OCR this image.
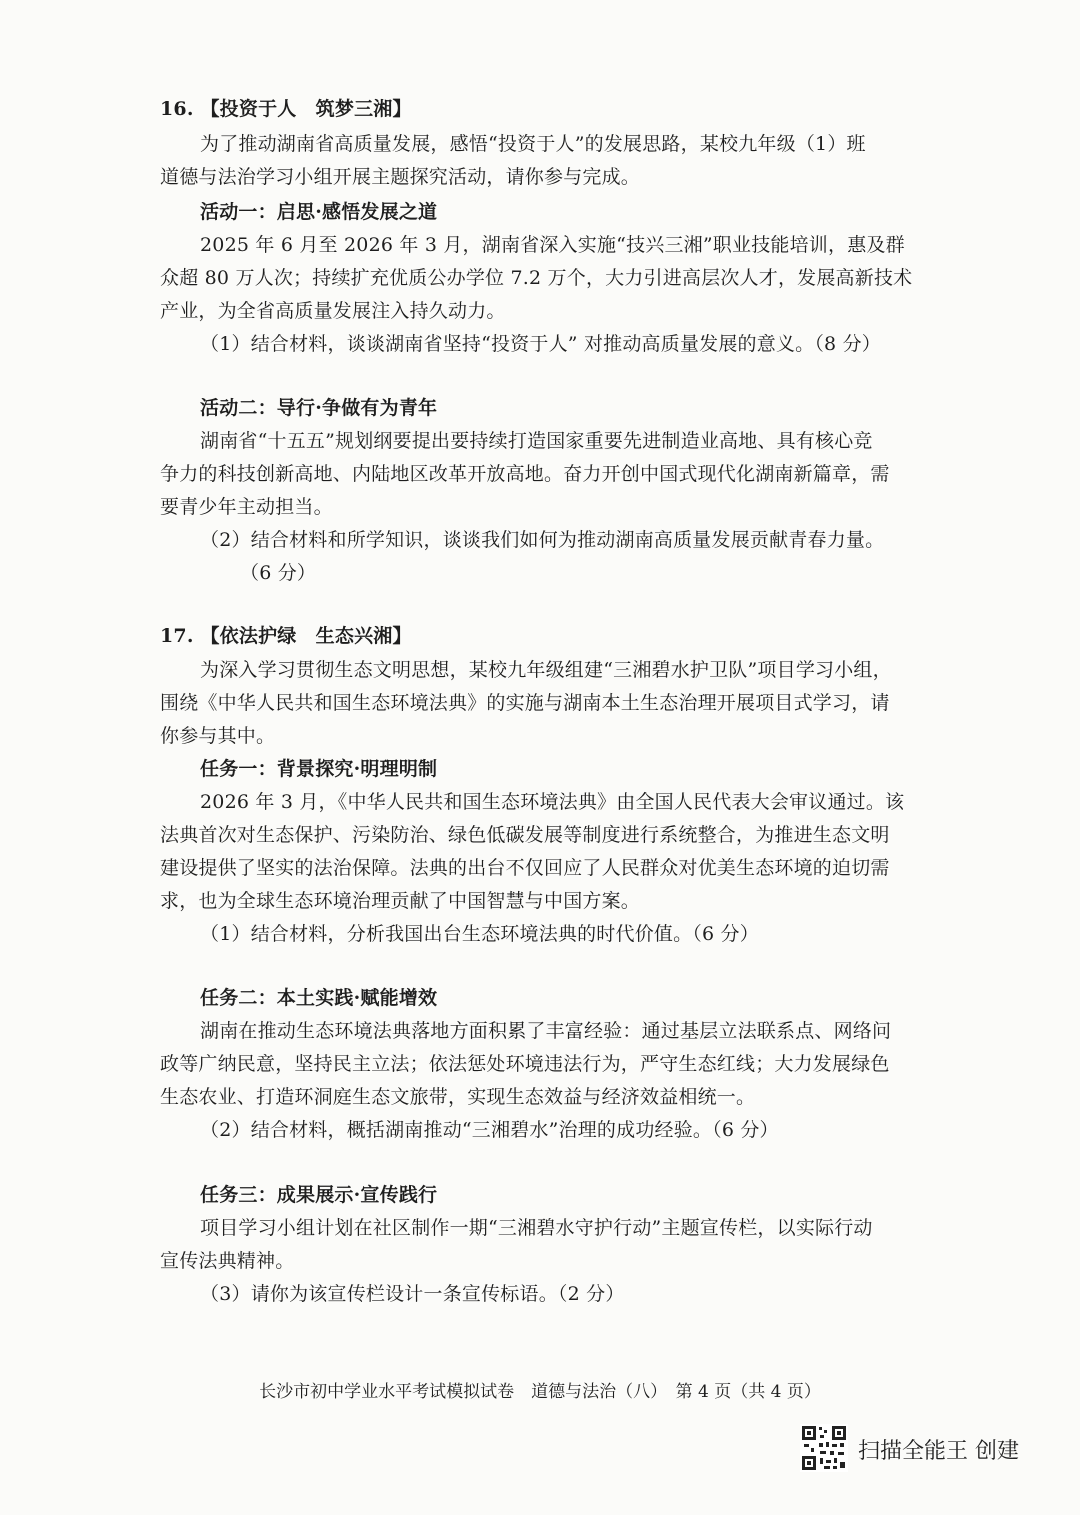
16. 【投资于人　筑梦三湘】
为了推动湖南省高质量发展，感悟“投资于人”的发展思路，某校九年级（1）班
道德与法治学习小组开展主题探究活动，请你参与完成。
活动一：启思·感悟发展之道
2025 年 6 月至 2026 年 3 月，湖南省深入实施“技兴三湘”职业技能培训，惠及群
众超 80 万人次；持续扩充优质公办学位 7.2 万个，大力引进高层次人才，发展高新技术
产业，为全省高质量发展注入持久动力。
（1）结合材料，谈谈湖南省坚持“投资于人” 对推动高质量发展的意义。（8 分）
活动二：导行·争做有为青年
湖南省“十五五”规划纲要提出要持续打造国家重要先进制造业高地、具有核心竞
争力的科技创新高地、内陆地区改革开放高地。奋力开创中国式现代化湖南新篇章，需
要青少年主动担当。
（2）结合材料和所学知识，谈谈我们如何为推动湖南高质量发展贡献青春力量。
（6 分）
17. 【依法护绿　生态兴湘】
为深入学习贯彻生态文明思想，某校九年级组建“三湘碧水护卫队”项目学习小组，
围绕《中华人民共和国生态环境法典》的实施与湖南本土生态治理开展项目式学习，请
你参与其中。
任务一：背景探究·明理明制
2026 年 3 月，《中华人民共和国生态环境法典》由全国人民代表大会审议通过。该
法典首次对生态保护、污染防治、绿色低碳发展等制度进行系统整合，为推进生态文明
建设提供了坚实的法治保障。法典的出台不仅回应了人民群众对优美生态环境的迫切需
求，也为全球生态环境治理贡献了中国智慧与中国方案。
（1）结合材料，分析我国出台生态环境法典的时代价值。（6 分）
任务二：本土实践·赋能增效
湖南在推动生态环境法典落地方面积累了丰富经验：通过基层立法联系点、网络问
政等广纳民意，坚持民主立法；依法惩处环境违法行为，严守生态红线；大力发展绿色
生态农业、打造环洞庭生态文旅带，实现生态效益与经济效益相统一。
（2）结合材料，概括湖南推动“三湘碧水”治理的成功经验。（6 分）
任务三：成果展示·宣传践行
项目学习小组计划在社区制作一期“三湘碧水守护行动”主题宣传栏，以实际行动
宣传法典精神。
（3）请你为该宣传栏设计一条宣传标语。（2 分）
长沙市初中学业水平考试模拟试卷　道德与法治（八）　第 4 页（共 4 页）
扫描全能王 创建
